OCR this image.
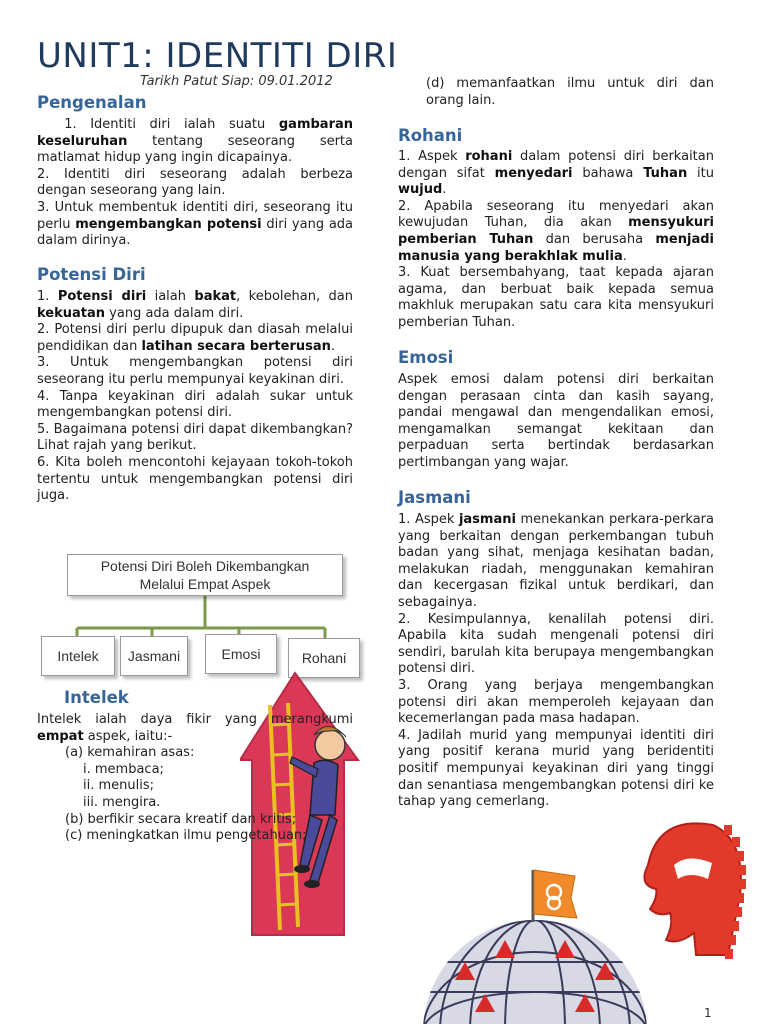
UNIT1: IDENTITI DIRI
Tarikh Patut Siap: 09.01.2012
Pengenalan

1. Identiti diri ialah suatu gambaran keseluruhan tentang seseorang serta matlamat hidup yang ingin dicapainya.

2. Identiti diri seseorang adalah berbeza dengan seseorang yang lain.

3. Untuk membentuk identiti diri, seseorang itu perlu mengembangkan potensi diri yang ada dalam dirinya.

Potensi Diri

1. Potensi diri ialah bakat, kebolehan, dan kekuatan yang ada dalam diri.

2. Potensi diri perlu dipupuk dan diasah melalui pendidikan dan latihan secara berterusan.

3. Untuk mengembangkan potensi diri seseorang itu perlu mempunyai keyakinan diri.

4. Tanpa keyakinan diri adalah sukar untuk mengembangkan potensi diri.

5. Bagaimana potensi diri dapat dikembangkan? Lihat rajah yang berikut.

6. Kita boleh mencontohi kejayaan tokoh-tokoh tertentu untuk mengembangkan potensi diri juga.

Potensi Diri Boleh Dikembangkan
Melalui Empat Aspek
Intelek	Jasmani	Emosi	Rohani
Intelek

Intelek ialah daya fikir yang merangkumi empat aspek, iaitu:-

(a) kemahiran asas:

i. membaca;

ii. menulis;

iii. mengira.

(b) berfikir secara kreatif dan kritis;

(c) meningkatkan ilmu pengetahuan;

(d) memanfaatkan ilmu untuk diri dan orang lain.
Rohani

1. Aspek rohani dalam potensi diri berkaitan dengan sifat menyedari bahawa Tuhan itu wujud.

2. Apabila seseorang itu menyedari akan kewujudan Tuhan, dia akan mensyukuri pemberian Tuhan dan berusaha menjadi manusia yang berakhlak mulia.

3. Kuat bersembahyang, taat kepada ajaran agama, dan berbuat baik kepada semua makhluk merupakan satu cara kita mensyukuri pemberian Tuhan.

Emosi
Aspek emosi dalam potensi diri berkaitan dengan perasaan cinta dan kasih sayang, pandai mengawal dan mengendalikan emosi, mengamalkan semangat kekitaan dan perpaduan serta bertindak berdasarkan pertimbangan yang wajar.
Jasmani

1. Aspek jasmani menekankan perkara-perkara yang berkaitan dengan perkembangan tubuh badan yang sihat, menjaga kesihatan badan, melakukan riadah, menggunakan kemahiran dan kecergasan fizikal untuk berdikari, dan sebagainya.

2. Kesimpulannya, kenalilah potensi diri. Apabila kita sudah mengenali potensi diri sendiri, barulah kita berupaya mengembangkan potensi diri.

3. Orang yang berjaya mengembangkan potensi diri akan memperoleh kejayaan dan kecemerlangan pada masa hadapan.

4. Jadilah murid yang mempunyai identiti diri yang positif kerana murid yang beridentiti positif mempunyai keyakinan diri yang tinggi dan senantiasa mengembangkan potensi diri ke tahap yang cemerlang.

1
